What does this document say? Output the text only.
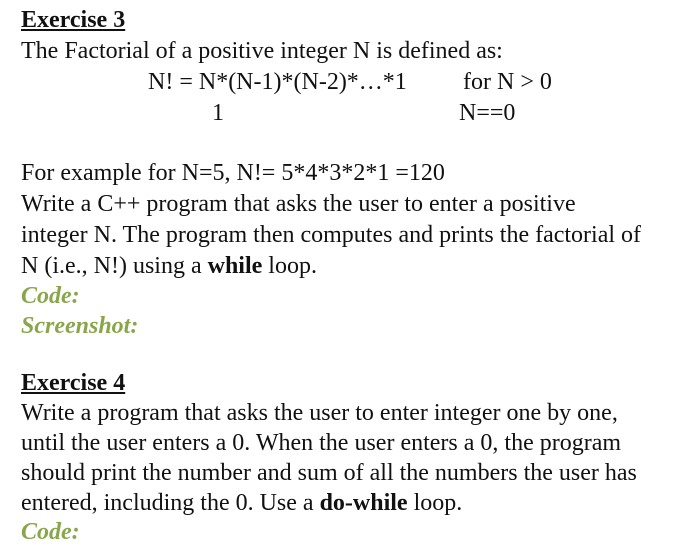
Exercise 3
The Factorial of a positive integer N is defined as:
N! = N*(N-1)*(N-2)*…*1 for N > 0
1	N==0
For example for N=5, N!= 5*4*3*2*1 =120
Write a C++ program that asks the user to enter a positive
integer N. The program then computes and prints the factorial of
N (i.e., N!) using a while loop.
Code:
Screenshot:
Exercise 4
Write a program that asks the user to enter integer one by one,
until the user enters a 0. When the user enters a 0, the program
should print the number and sum of all the numbers the user has
entered, including the 0. Use a do-while loop.
Code:
